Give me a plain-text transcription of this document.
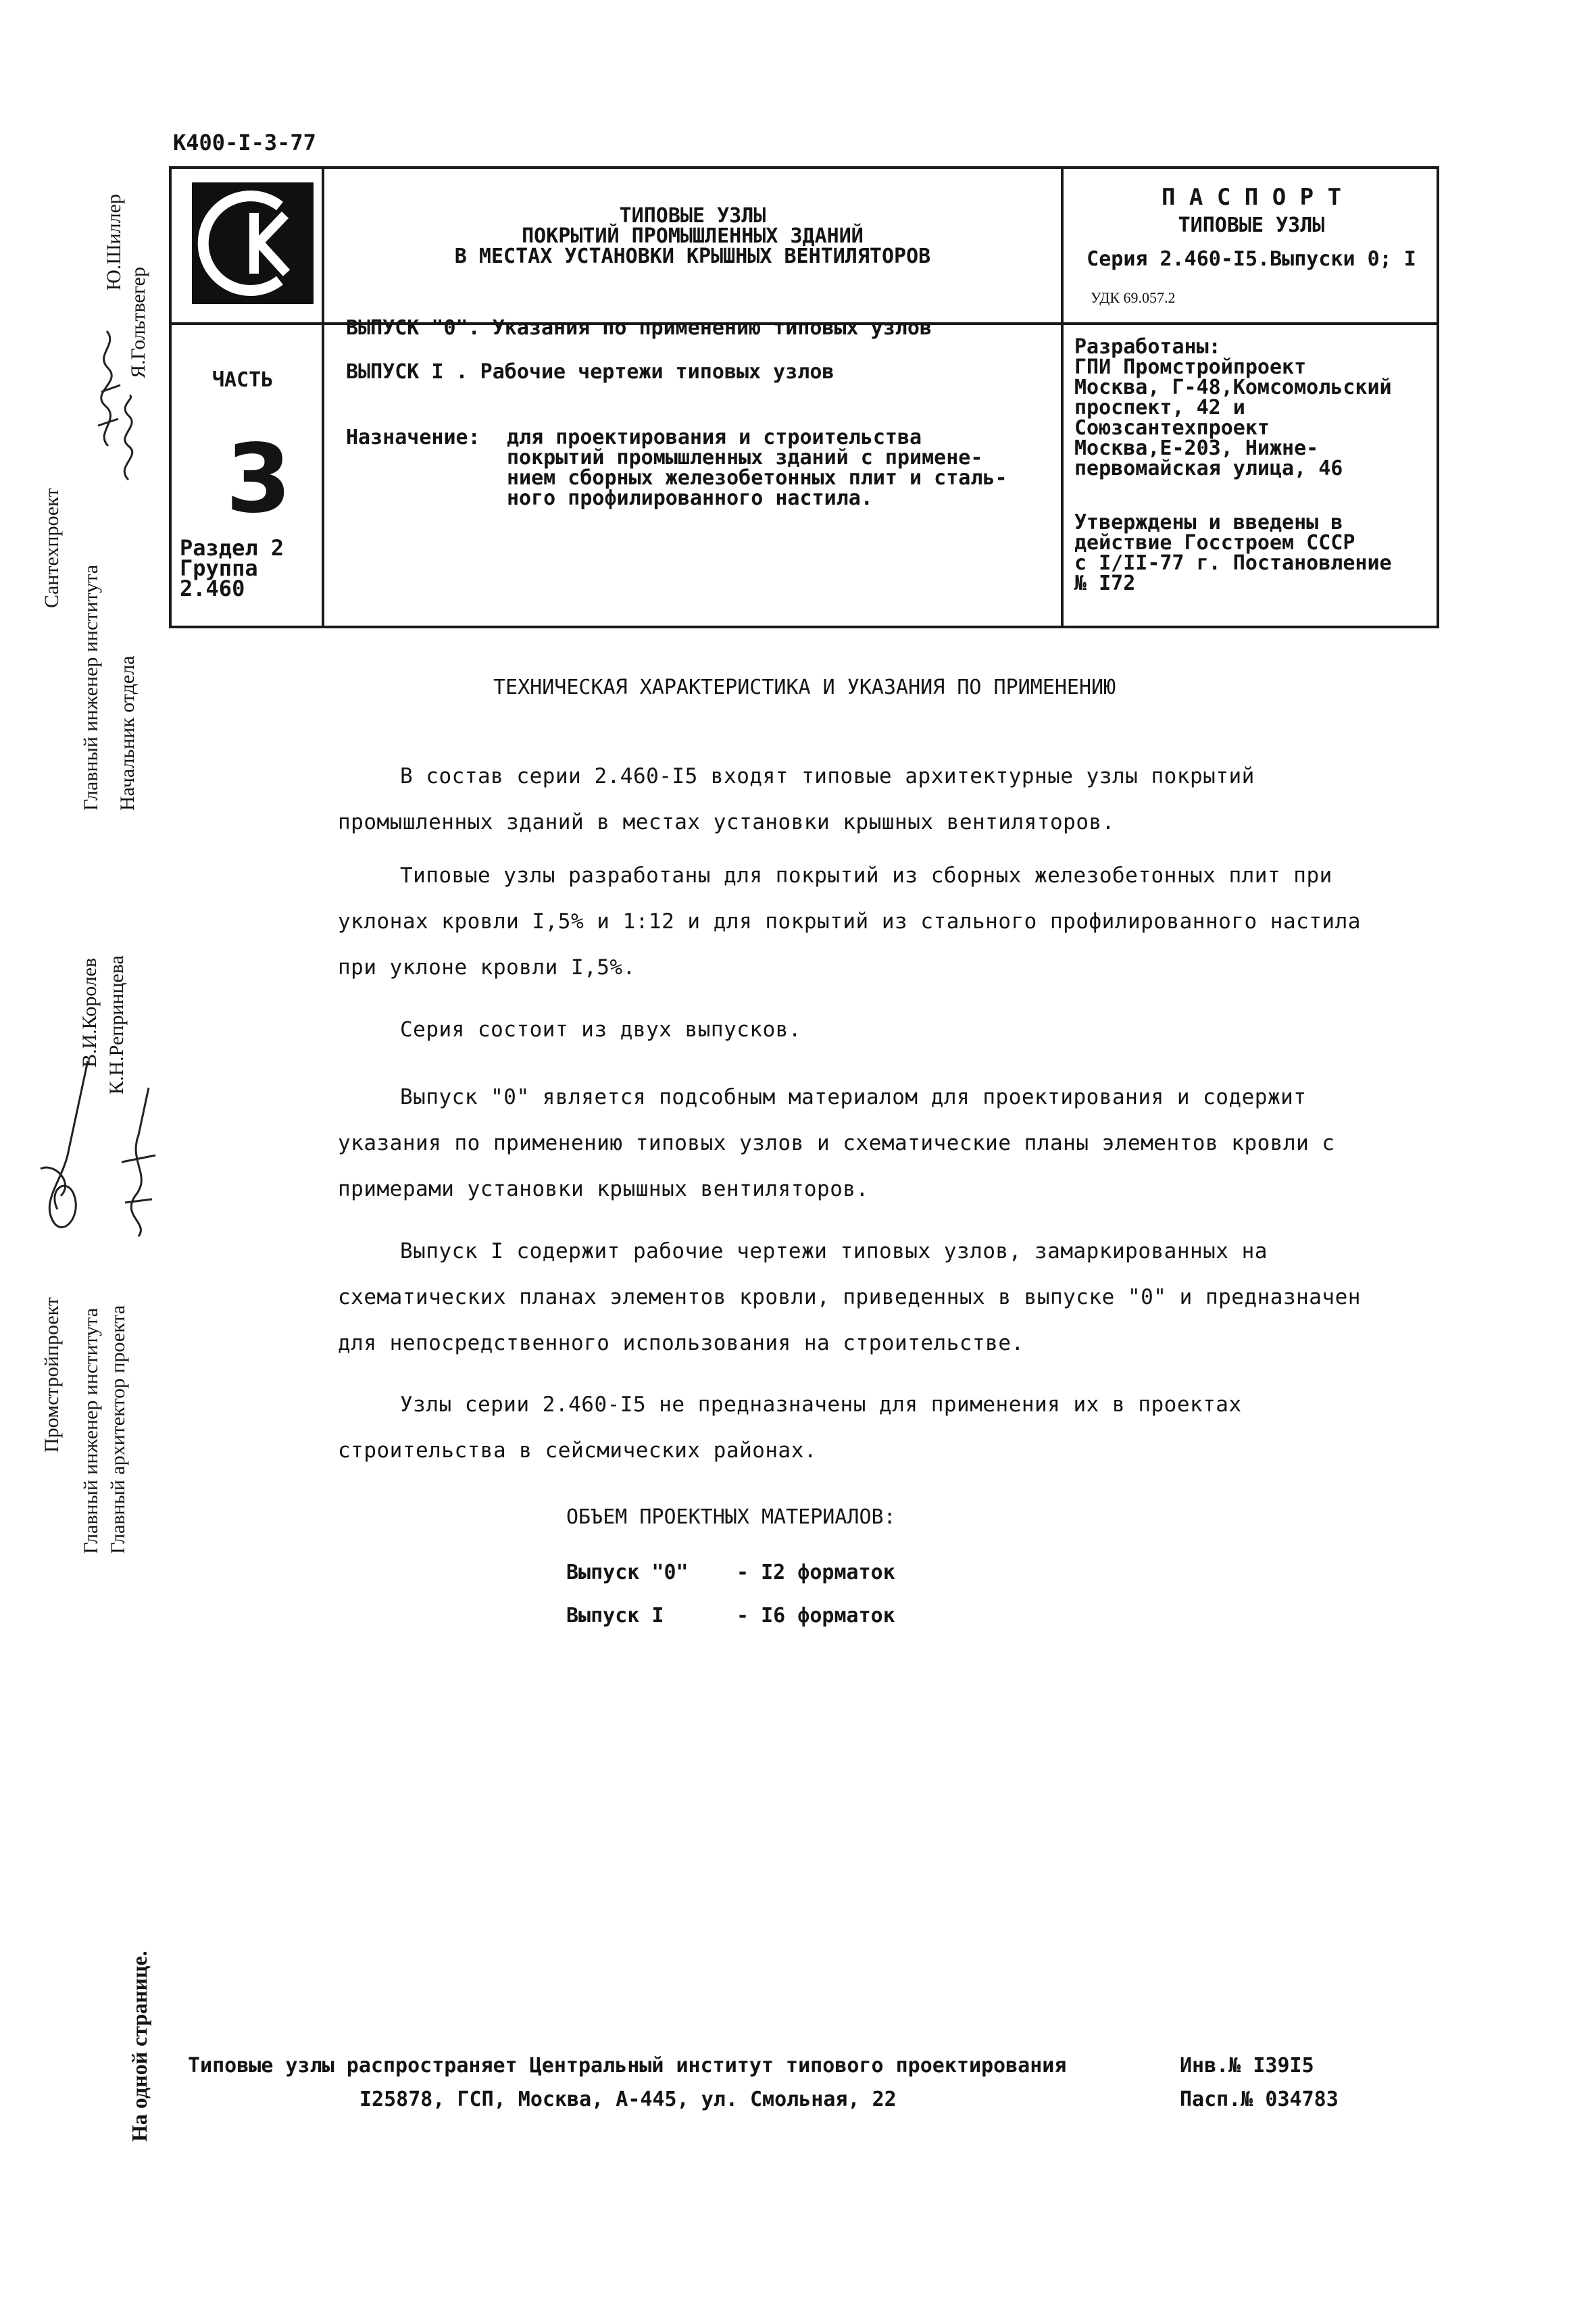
К400-I-3-77
Сантехпроект
Главный инженер института
Ю.Шиллер
Начальник отдела
Я.Гольтвегер
Промстройпроект Главный инженер института Главный архитектор проекта
В.И.Королев К.Н.Репринцева
На одной странице.
ЧАСТЬ
3
Раздел 2
Группа
2.460
ТИПОВЫЕ УЗЛЫ
ПОКРЫТИЙ ПРОМЫШЛЕННЫХ ЗДАНИЙ
В МЕСТАХ УСТАНОВКИ КРЫШНЫХ ВЕНТИЛЯТОРОВ
ВЫПУСК "0". Указания по применению типовых узлов
ВЫПУСК I . Рабочие чертежи типовых узлов
Назначение: для проектирования и строительства
покрытий промышленных зданий с примене-
нием сборных железобетонных плит и сталь-
ного профилированного настила.
П А С П О Р Т
ТИПОВЫЕ УЗЛЫ
Серия 2.460-I5.Выпуски 0; I
УДК 69.057.2
Разработаны:
ГПИ Промстройпроект
Москва, Г-48,Комсомольский
проспект, 42 и
Союзсантехпроект
Москва,Е-203, Нижне-
первомайская улица, 46
Утверждены и введены в
действие Госстроем СССР
с I/II-77 г. Постановление
№ I72
ТЕХНИЧЕСКАЯ ХАРАКТЕРИСТИКА И УКАЗАНИЯ ПО ПРИМЕНЕНИЮ
В состав серии 2.460-I5 входят типовые архитектурные узлы покрытий промышленных зданий в местах установки крышных вентиляторов.
Типовые узлы разработаны для покрытий из сборных железобетонных плит при уклонах кровли I,5% и 1:12 и для покрытий из стального профилированного настила при уклоне кровли I,5%.
Серия состоит из двух выпусков.
Выпуск "0" является подсобным материалом для проектирования и содержит указания по применению типовых узлов и схематические планы элементов кровли с примерами установки крышных вентиляторов.
Выпуск I содержит рабочие чертежи типовых узлов, замаркированных на схематических планах элементов кровли, приведенных в выпуске "0" и предназначен для непосредственного использования на строительстве.
Узлы серии 2.460-I5 не предназначены для применения их в проектах строительства в сейсмических районах.
ОБЪЕМ ПРОЕКТНЫХ МАТЕРИАЛОВ:
Выпуск "0" - I2 форматок
Выпуск I	- I6 форматок
Типовые узлы распространяет Центральный институт типового проектирования
I25878, ГСП, Москва, А-445, ул. Смольная, 22
Инв.№ I39I5
Пасп.№ 034783
